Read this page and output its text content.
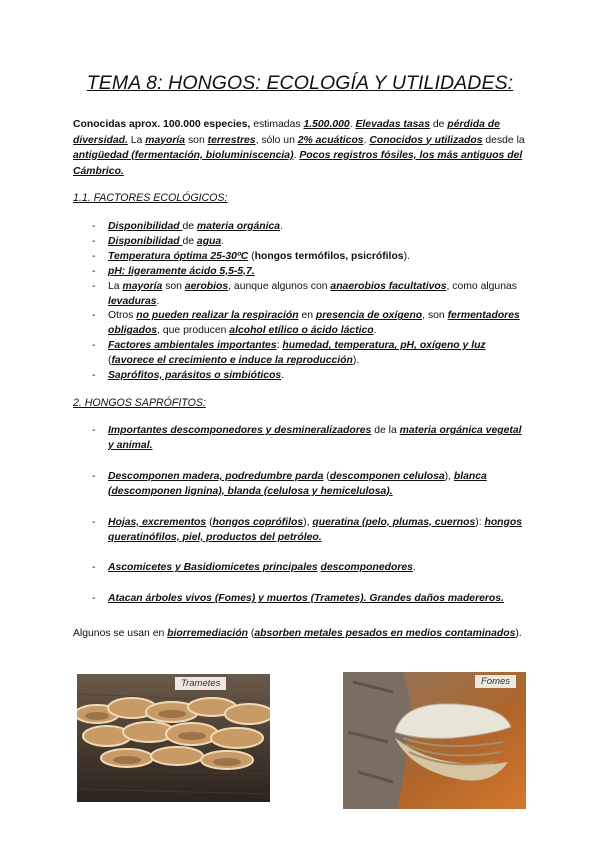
TEMA 8: HONGOS: ECOLOGÍA Y UTILIDADES:

Conocidas aprox. 100.000 especies, estimadas 1.500.000. Elevadas tasas de pérdida de diversidad. La mayoría son terrestres, sólo un 2% acuáticos. Conocidos y utilizados desde la antigüedad (fermentación, bioluminiscencia). Pocos registros fósiles, los más antiguos del Cámbrico.

1.1. FACTORES ECOLÓGICOS:

- Disponibilidad de materia orgánica.
- Disponibilidad de agua.
- Temperatura óptima 25-30ºC (hongos termófilos, psicrófilos).
- pH: ligeramente ácido 5,5-5,7.
- La mayoría son aerobios, aunque algunos con anaerobios facultativos, como algunas levaduras.
- Otros no pueden realizar la respiración en presencia de oxígeno, son fermentadores obligados, que producen alcohol etílico o ácido láctico.
- Factores ambientales importantes: humedad, temperatura, pH, oxígeno y luz (favorece el crecimiento e induce la reproducción).
- Saprófitos, parásitos o simbióticos.

2. HONGOS SAPRÓFITOS:

- Importantes descomponedores y desmineralizadores de la materia orgánica vegetal y animal.
- Descomponen madera, podredumbre parda (descomponen celulosa), blanca (descomponen lignina), blanda (celulosa y hemicelulosa).
- Hojas, excrementos (hongos coprófilos), queratina (pelo, plumas, cuernos): hongos queratinófilos, piel, productos del petróleo.
- Ascomicetes y Basidiomicetes principales descomponedores.
- Atacan árboles vivos (Fomes) y muertos (Trametes). Grandes daños madereros.

Algunos se usan en biorremediación (absorben metales pesados en medios contaminados).

Trametes	Fomes
